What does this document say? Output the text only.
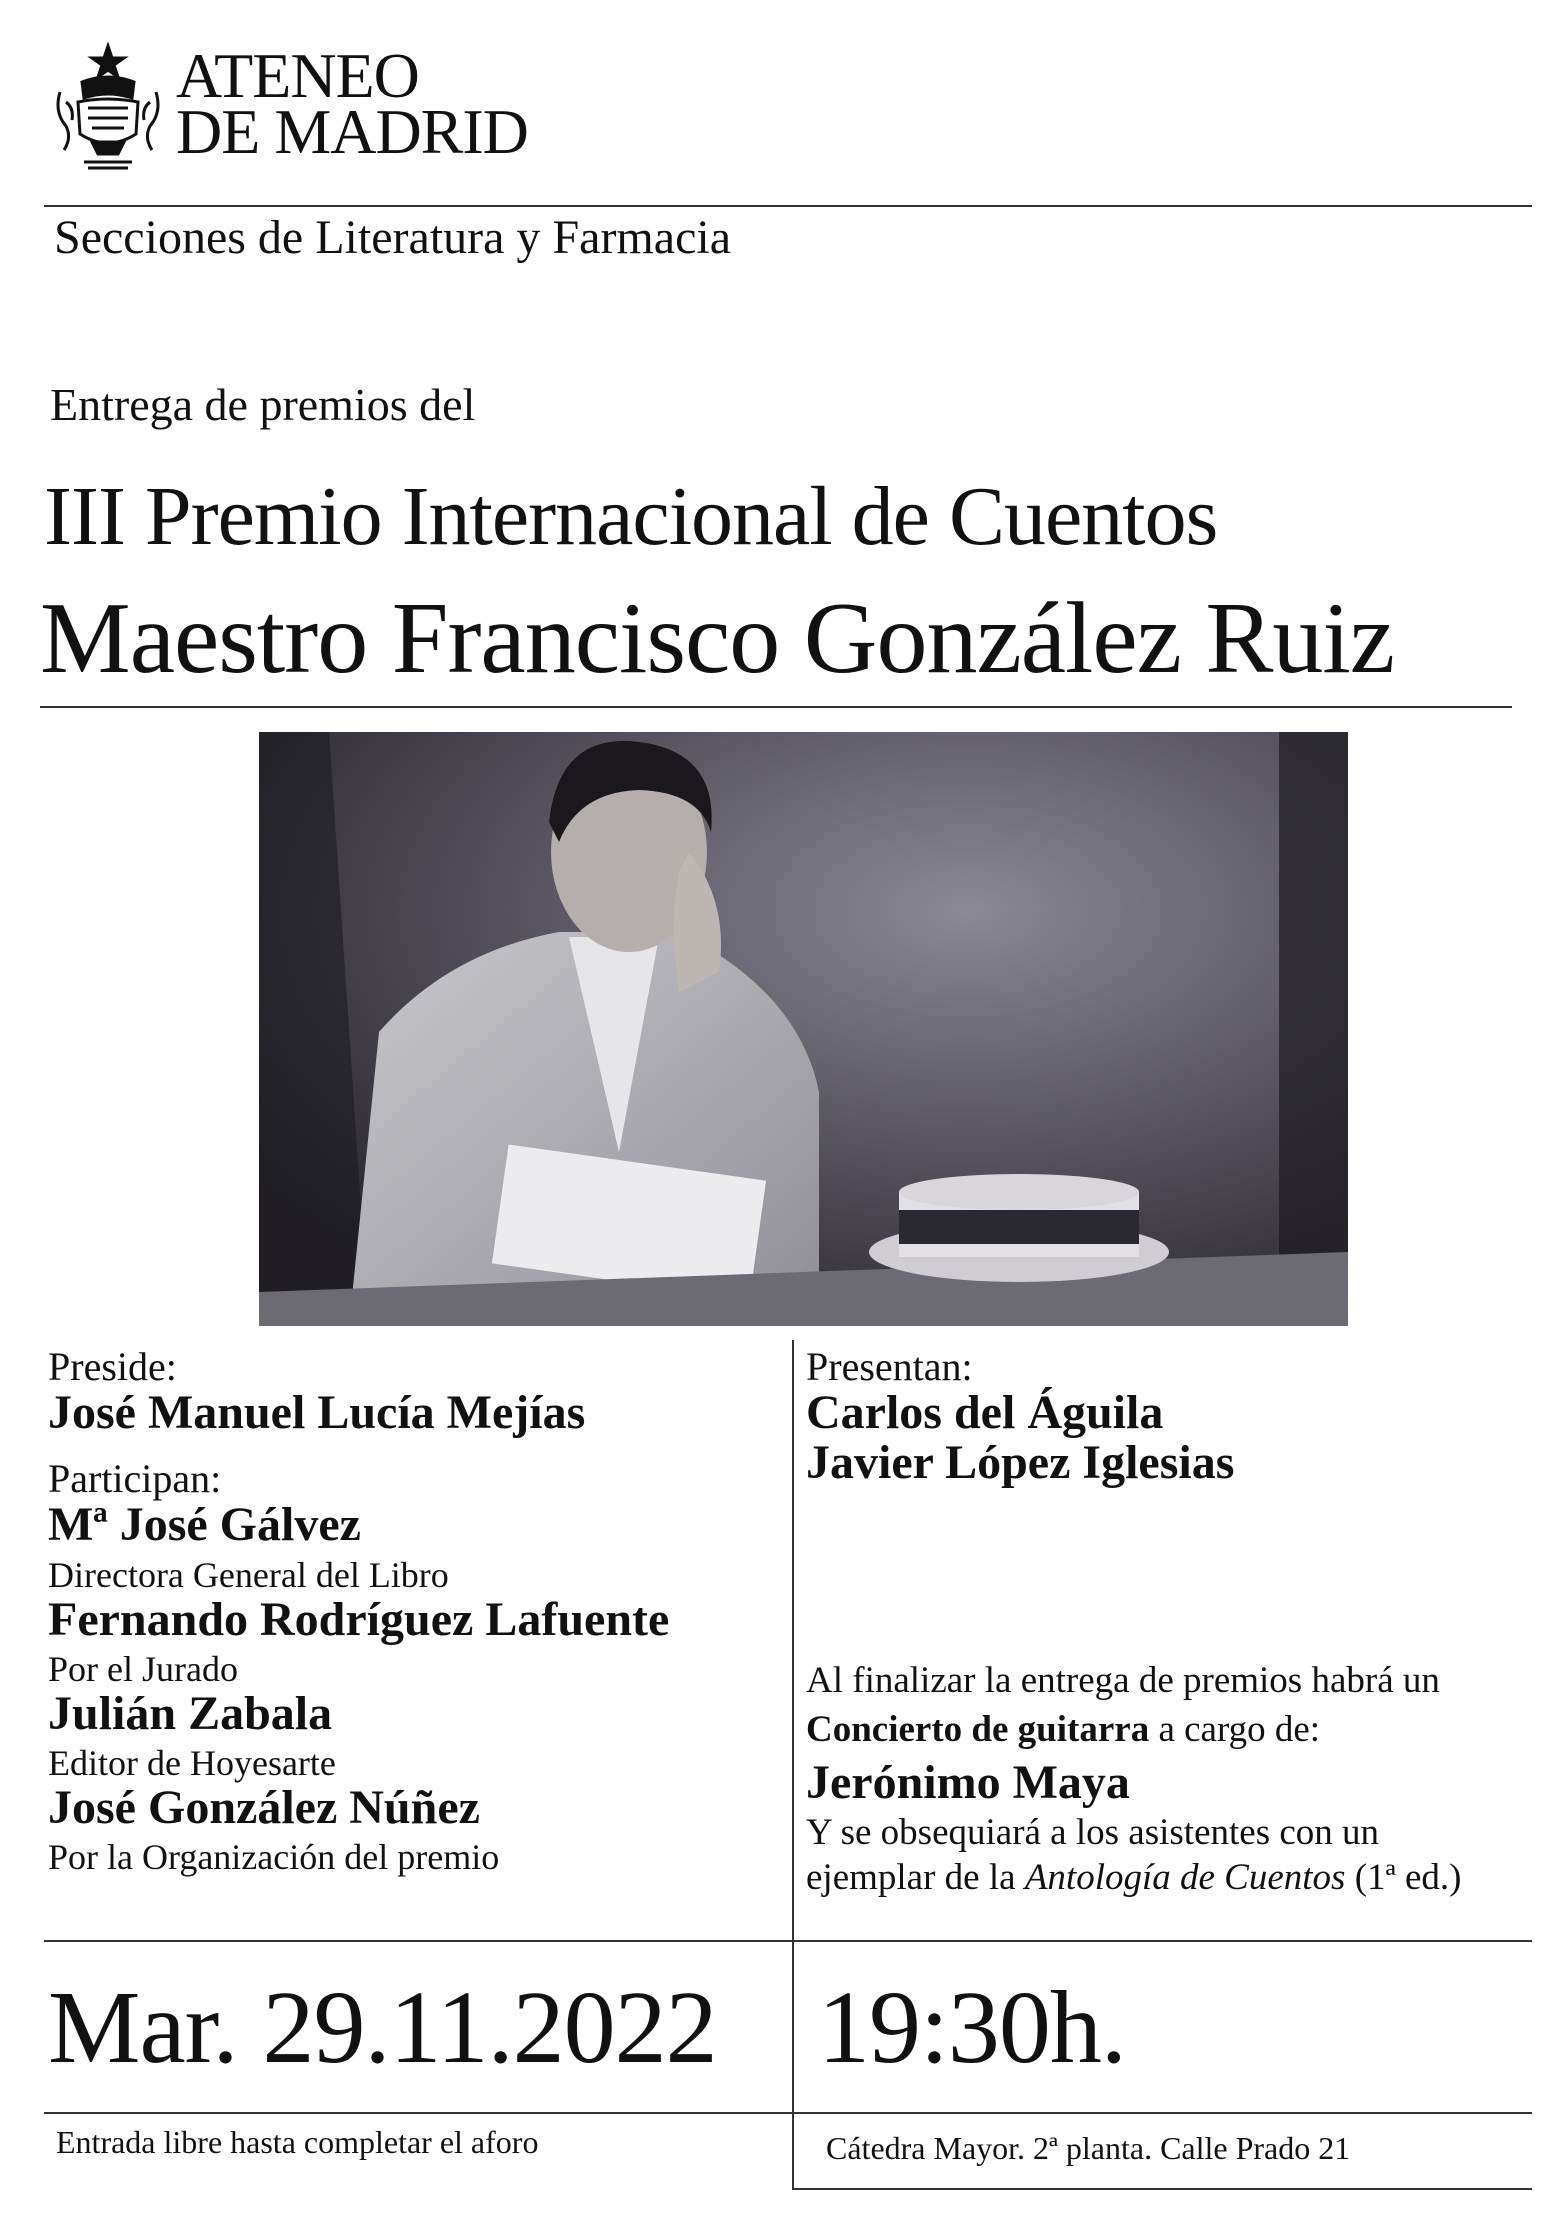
ATENEO
DE MADRID
Secciones de Literatura y Farmacia
Entrega de premios del
III Premio Internacional de Cuentos
Maestro Francisco González Ruiz
Preside:
José Manuel Lucía Mejías
Participan:
Mª José Gálvez
Directora General del Libro
Fernando Rodríguez Lafuente
Por el Jurado
Julián Zabala
Editor de Hoyesarte
José González Núñez
Por la Organización del premio
Presentan:
Carlos del Águila
Javier López Iglesias
Al finalizar la entrega de premios habrá un
Concierto de guitarra a cargo de:
Jerónimo Maya
Y se obsequiará a los asistentes con un
ejemplar de la Antología de Cuentos (1ª ed.)
Mar. 29.11.2022 19:30h.
Entrada libre hasta completar el aforo	Cátedra Mayor. 2ª planta. Calle Prado 21
